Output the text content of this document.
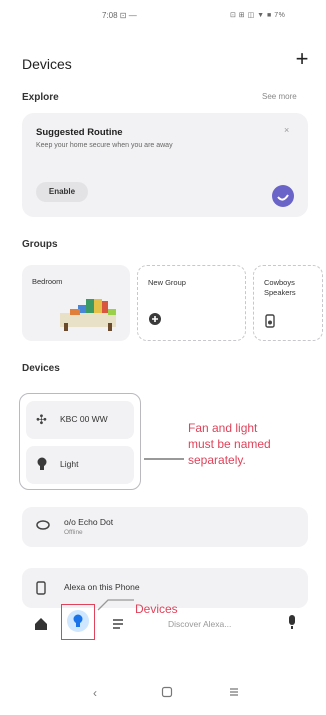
7:08 ⊡ —	⊡ ⊞ ◫ ▼ ■ 7%
Devices	+
Explore	See more
Suggested Routine
Keep your home secure when you are away
×
Enable
Groups
Bedroom	New Group	Cowboys
Speakers
Devices
✣ KBC 00 WW
Light
Fan and light
must be named
separately.
o/o Echo Dot
Offline
Alexa on this Phone
Devices
Discover Alexa...
‹
